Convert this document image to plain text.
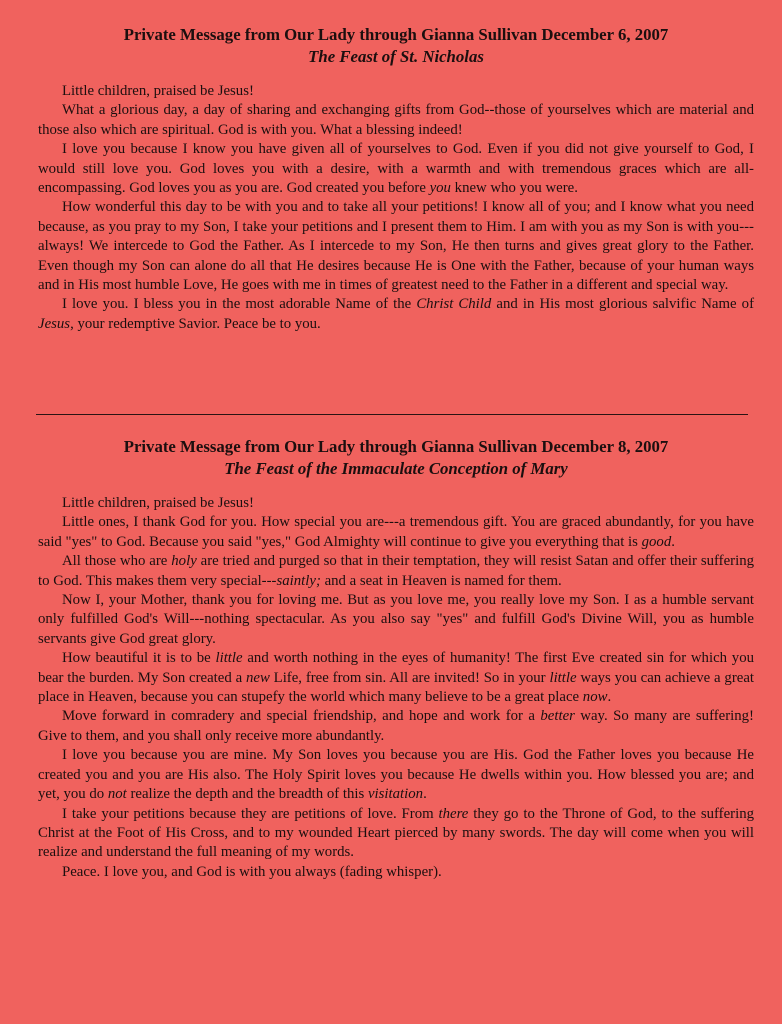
Private Message from Our Lady through Gianna Sullivan December 6, 2007
The Feast of St. Nicholas

Little children, praised be Jesus!

What a glorious day, a day of sharing and exchanging gifts from God--those of yourselves which are material and those also which are spiritual. God is with you. What a blessing indeed!

I love you because I know you have given all of yourselves to God. Even if you did not give yourself to God, I would still love you. God loves you with a desire, with a warmth and with tremendous graces which are all-encompassing. God loves you as you are. God created you before you knew who you were.

How wonderful this day to be with you and to take all your petitions! I know all of you; and I know what you need because, as you pray to my Son, I take your petitions and I present them to Him. I am with you as my Son is with you---always! We intercede to God the Father. As I intercede to my Son, He then turns and gives great glory to the Father. Even though my Son can alone do all that He desires because He is One with the Father, because of your human ways and in His most humble Love, He goes with me in times of greatest need to the Father in a different and special way.

I love you. I bless you in the most adorable Name of the Christ Child and in His most glorious salvific Name of Jesus, your redemptive Savior. Peace be to you.

Private Message from Our Lady through Gianna Sullivan December 8, 2007
The Feast of the Immaculate Conception of Mary

Little children, praised be Jesus!

Little ones, I thank God for you. How special you are---a tremendous gift. You are graced abundantly, for you have said "yes" to God. Because you said "yes," God Almighty will continue to give you everything that is good.

All those who are holy are tried and purged so that in their temptation, they will resist Satan and offer their suffering to God. This makes them very special---saintly; and a seat in Heaven is named for them.

Now I, your Mother, thank you for loving me. But as you love me, you really love my Son. I as a humble servant only fulfilled God's Will---nothing spectacular. As you also say "yes" and fulfill God's Divine Will, you as humble servants give God great glory.

How beautiful it is to be little and worth nothing in the eyes of humanity! The first Eve created sin for which you bear the burden. My Son created a new Life, free from sin. All are invited! So in your little ways you can achieve a great place in Heaven, because you can stupefy the world which many believe to be a great place now.

Move forward in comradery and special friendship, and hope and work for a better way. So many are suffering! Give to them, and you shall only receive more abundantly.

I love you because you are mine. My Son loves you because you are His. God the Father loves you because He created you and you are His also. The Holy Spirit loves you because He dwells within you. How blessed you are; and yet, you do not realize the depth and the breadth of this visitation.

I take your petitions because they are petitions of love. From there they go to the Throne of God, to the suffering Christ at the Foot of His Cross, and to my wounded Heart pierced by many swords. The day will come when you will realize and understand the full meaning of my words.

Peace. I love you, and God is with you always (fading whisper).
